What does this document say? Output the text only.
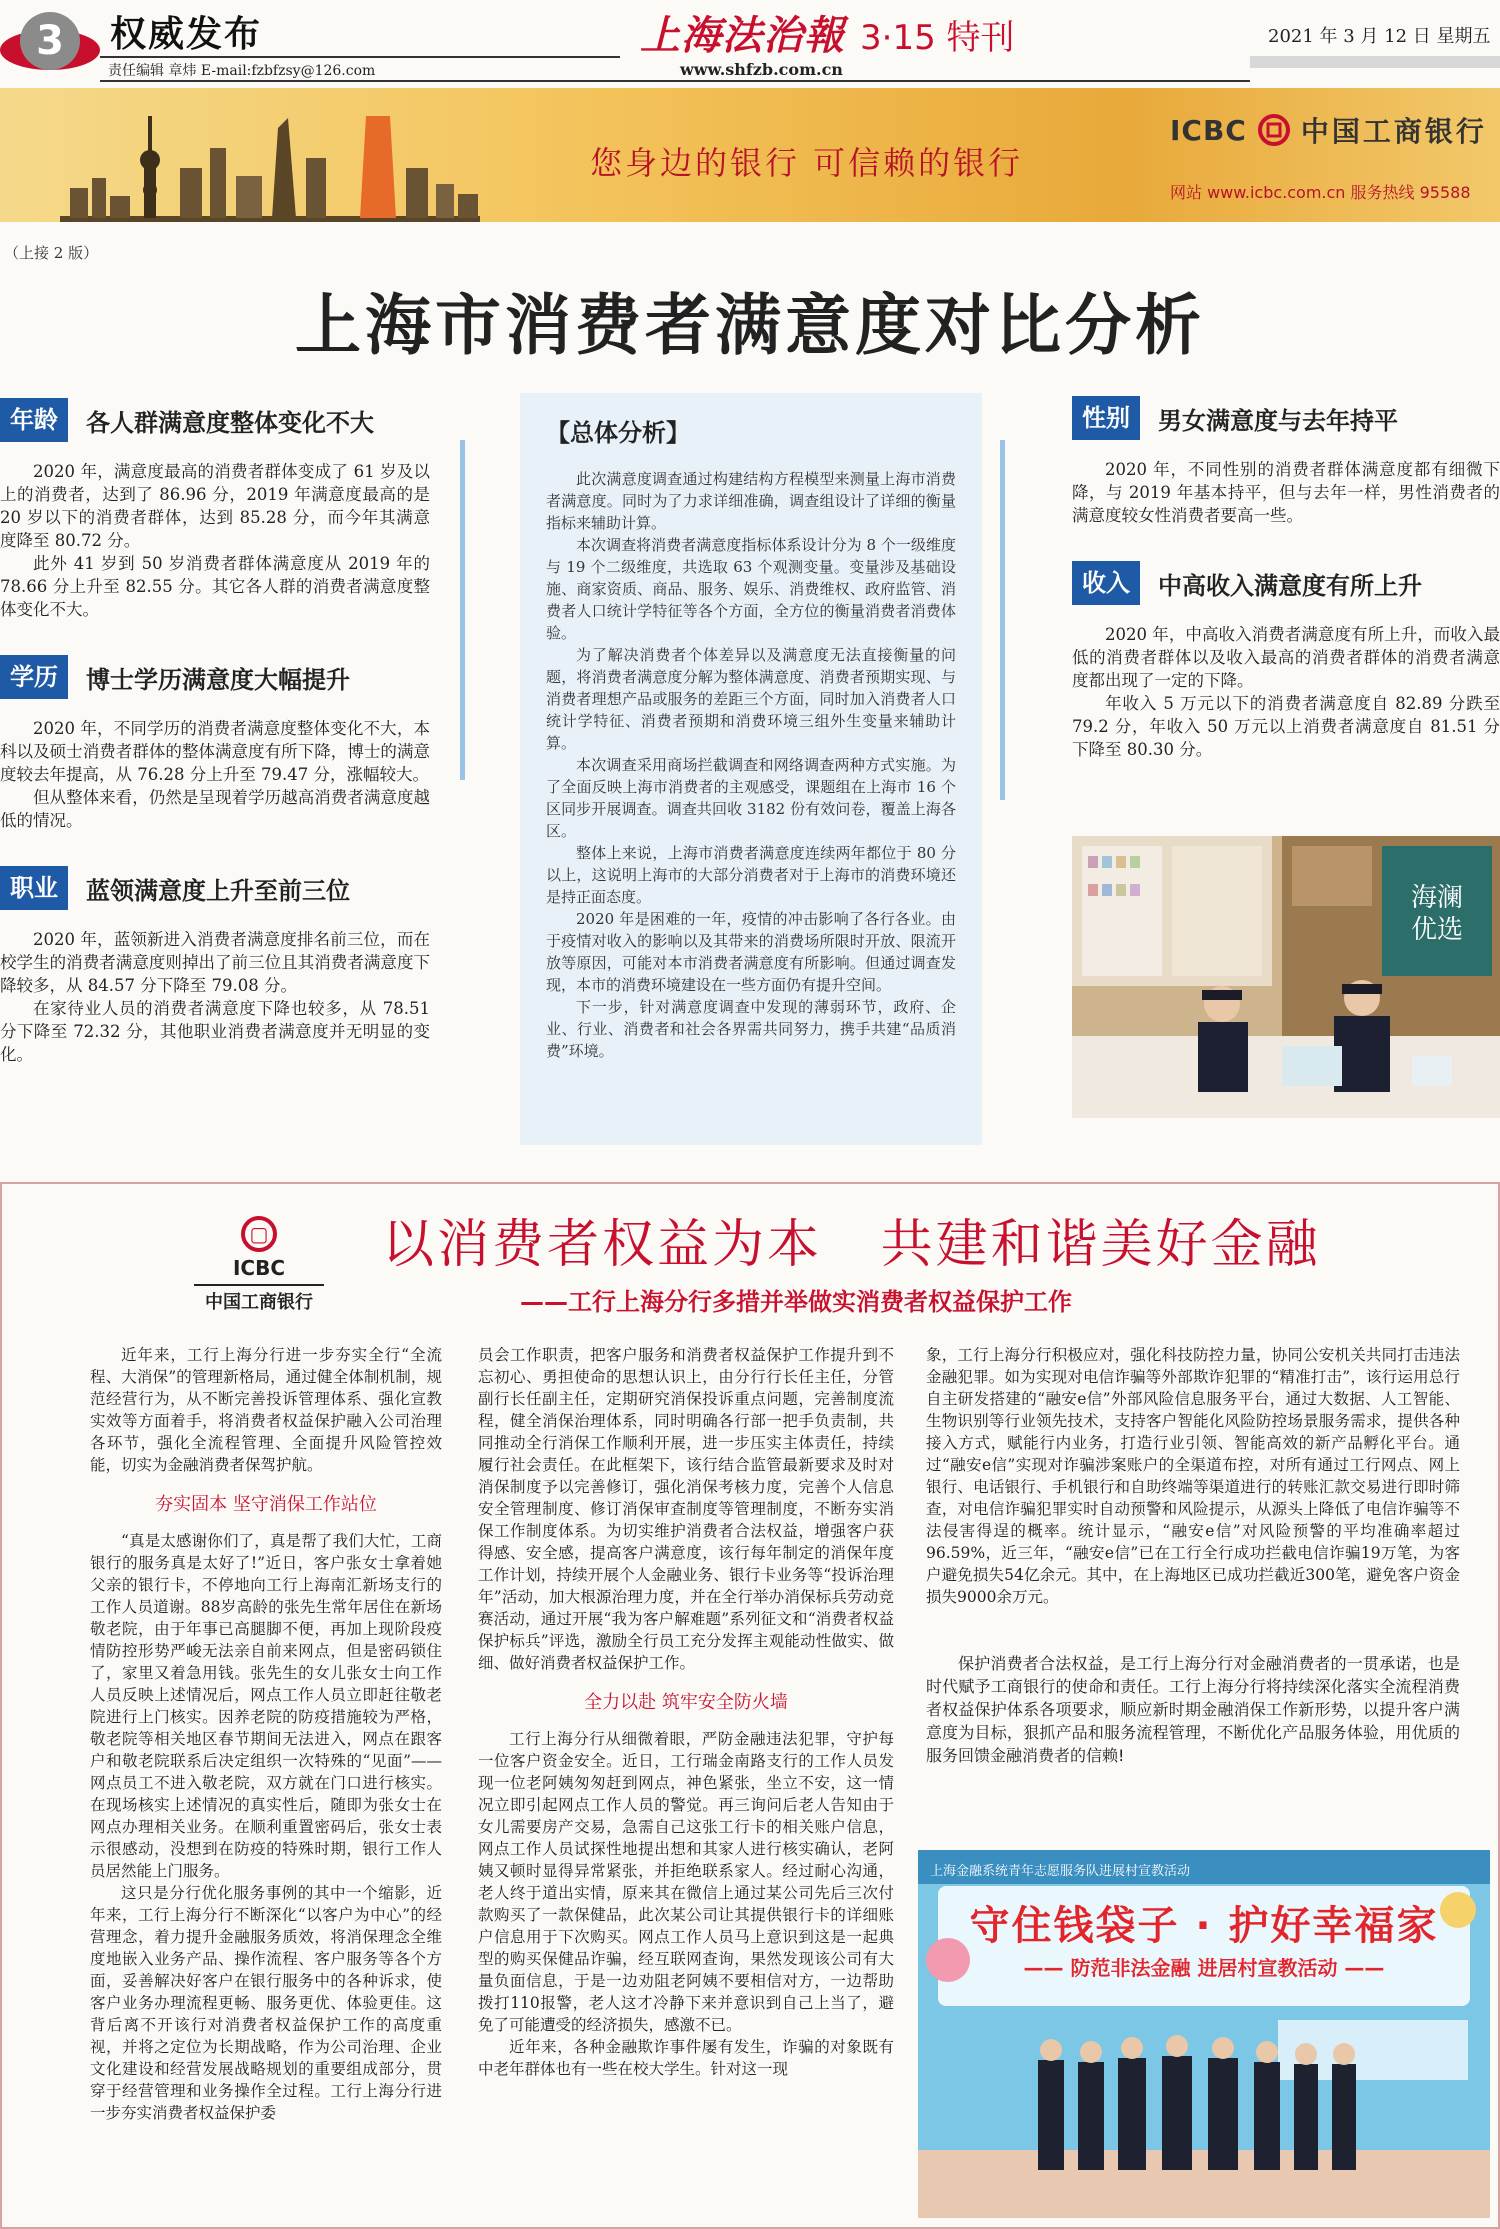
3	权威发布
责任编辑 章炜 E-mail:fzbfzsy@126.com
上海法治報 3·15 特刊
www.shfzb.com.cn
2021 年 3 月 12 日 星期五
您身边的银行 可信赖的银行
ICBC 中国工商银行
网站 www.icbc.com.cn 服务热线 95588
（上接 2 版）
上海市消费者满意度对比分析
年龄	各人群满意度整体变化不大

2020 年，满意度最高的消费者群体变成了 61 岁及以上的消费者，达到了 86.96 分，2019 年满意度最高的是 20 岁以下的消费者群体，达到 85.28 分，而今年其满意度降至 80.72 分。

此外 41 岁到 50 岁消费者群体满意度从 2019 年的 78.66 分上升至 82.55 分。其它各人群的消费者满意度整体变化不大。

学历	博士学历满意度大幅提升

2020 年，不同学历的消费者满意度整体变化不大，本科以及硕士消费者群体的整体满意度有所下降，博士的满意度较去年提高，从 76.28 分上升至 79.47 分，涨幅较大。

但从整体来看，仍然是呈现着学历越高消费者满意度越低的情况。

职业	蓝领满意度上升至前三位

2020 年，蓝领新进入消费者满意度排名前三位，而在校学生的消费者满意度则掉出了前三位且其消费者满意度下降较多，从 84.57 分下降至 79.08 分。

在家待业人员的消费者满意度下降也较多，从 78.51 分下降至 72.32 分，其他职业消费者满意度并无明显的变化。

【总体分析】

此次满意度调查通过构建结构方程模型来测量上海市消费者满意度。同时为了力求详细准确，调查组设计了详细的衡量指标来辅助计算。

本次调查将消费者满意度指标体系设计分为 8 个一级维度与 19 个二级维度，共选取 63 个观测变量。变量涉及基础设施、商家资质、商品、服务、娱乐、消费维权、政府监管、消费者人口统计学特征等各个方面，全方位的衡量消费者消费体验。

为了解决消费者个体差异以及满意度无法直接衡量的问题，将消费者满意度分解为整体满意度、消费者预期实现、与消费者理想产品或服务的差距三个方面，同时加入消费者人口统计学特征、消费者预期和消费环境三组外生变量来辅助计算。

本次调查采用商场拦截调查和网络调查两种方式实施。为了全面反映上海市消费者的主观感受，课题组在上海市 16 个区同步开展调查。调查共回收 3182 份有效问卷，覆盖上海各区。

整体上来说，上海市消费者满意度连续两年都位于 80 分以上，这说明上海市的大部分消费者对于上海市的消费环境还是持正面态度。

2020 年是困难的一年，疫情的冲击影响了各行各业。由于疫情对收入的影响以及其带来的消费场所限时开放、限流开放等原因，可能对本市消费者满意度有所影响。但通过调查发现，本市的消费环境建设在一些方面仍有提升空间。

下一步，针对满意度调查中发现的薄弱环节，政府、企业、行业、消费者和社会各界需共同努力，携手共建“品质消费”环境。

性别	男女满意度与去年持平

2020 年，不同性别的消费者群体满意度都有细微下降，与 2019 年基本持平，但与去年一样，男性消费者的满意度较女性消费者要高一些。

收入	中高收入满意度有所上升

2020 年，中高收入消费者满意度有所上升，而收入最低的消费者群体以及收入最高的消费者群体的消费者满意度都出现了一定的下降。

年收入 5 万元以下的消费者满意度自 82.89 分跌至 79.2 分，年收入 50 万元以上消费者满意度自 81.51 分下降至 80.30 分。

海澜优选
▢
ICBC
中国工商银行
以消费者权益为本   共建和谐美好金融
——工行上海分行多措并举做实消费者权益保护工作

近年来，工行上海分行进一步夯实全行“全流程、大消保”的管理新格局，通过健全体制机制，规范经营行为，从不断完善投诉管理体系、强化宣教实效等方面着手，将消费者权益保护融入公司治理各环节，强化全流程管理、全面提升风险管控效能，切实为金融消费者保驾护航。

夯实固本 坚守消保工作站位

“真是太感谢你们了，真是帮了我们大忙，工商银行的服务真是太好了!”近日，客户张女士拿着她父亲的银行卡，不停地向工行上海南汇新场支行的工作人员道谢。88岁高龄的张先生常年居住在新场敬老院，由于年事已高腿脚不便，再加上现阶段疫情防控形势严峻无法亲自前来网点，但是密码锁住了，家里又着急用钱。张先生的女儿张女士向工作人员反映上述情况后，网点工作人员立即赶往敬老院进行上门核实。因养老院的防疫措施较为严格，敬老院等相关地区春节期间无法进入，网点在跟客户和敬老院联系后决定组织一次特殊的“见面”——网点员工不进入敬老院，双方就在门口进行核实。在现场核实上述情况的真实性后，随即为张女士在网点办理相关业务。在顺利重置密码后，张女士表示很感动，没想到在防疫的特殊时期，银行工作人员居然能上门服务。

这只是分行优化服务事例的其中一个缩影，近年来，工行上海分行不断深化“以客户为中心”的经营理念，着力提升金融服务质效，将消保理念全维度地嵌入业务产品、操作流程、客户服务等各个方面，妥善解决好客户在银行服务中的各种诉求，使客户业务办理流程更畅、服务更优、体验更佳。这背后离不开该行对消费者权益保护工作的高度重视，并将之定位为长期战略，作为公司治理、企业文化建设和经营发展战略规划的重要组成部分，贯穿于经营管理和业务操作全过程。工行上海分行进一步夯实消费者权益保护委

员会工作职责，把客户服务和消费者权益保护工作提升到不忘初心、勇担使命的思想认识上，由分行行长任主任，分管副行长任副主任，定期研究消保投诉重点问题，完善制度流程，健全消保治理体系，同时明确各行部一把手负责制，共同推动全行消保工作顺利开展，进一步压实主体责任，持续履行社会责任。在此框架下，该行结合监管最新要求及时对消保制度予以完善修订，强化消保考核力度，完善个人信息安全管理制度、修订消保审查制度等管理制度，不断夯实消保工作制度体系。为切实维护消费者合法权益，增强客户获得感、安全感，提高客户满意度，该行每年制定的消保年度工作计划，持续开展个人金融业务、银行卡业务等“投诉治理年”活动，加大根源治理力度，并在全行举办消保标兵劳动竞赛活动，通过开展“我为客户解难题”系列征文和“消费者权益保护标兵”评选，激励全行员工充分发挥主观能动性做实、做细、做好消费者权益保护工作。

全力以赴 筑牢安全防火墙

工行上海分行从细微着眼，严防金融违法犯罪，守护每一位客户资金安全。近日，工行瑞金南路支行的工作人员发现一位老阿姨匆匆赶到网点，神色紧张，坐立不安，这一情况立即引起网点工作人员的警觉。再三询问后老人告知由于女儿需要房产交易，急需自己这张工行卡的相关账户信息，网点工作人员试探性地提出想和其家人进行核实确认，老阿姨又顿时显得异常紧张，并拒绝联系家人。经过耐心沟通，老人终于道出实情，原来其在微信上通过某公司先后三次付款购买了一款保健品，此次某公司让其提供银行卡的详细账户信息用于下次购买。网点工作人员马上意识到这是一起典型的购买保健品诈骗，经互联网查询，果然发现该公司有大量负面信息，于是一边劝阻老阿姨不要相信对方，一边帮助拨打110报警，老人这才冷静下来并意识到自己上当了，避免了可能遭受的经济损失，感激不已。

近年来，各种金融欺诈事件屡有发生，诈骗的对象既有中老年群体也有一些在校大学生。针对这一现

象，工行上海分行积极应对，强化科技防控力量，协同公安机关共同打击违法金融犯罪。如为实现对电信诈骗等外部欺诈犯罪的“精准打击”，该行运用总行自主研发搭建的“融安e信”外部风险信息服务平台，通过大数据、人工智能、生物识别等行业领先技术，支持客户智能化风险防控场景服务需求，提供各种接入方式，赋能行内业务，打造行业引领、智能高效的新产品孵化平台。通过“融安e信”实现对诈骗涉案账户的全渠道布控，对所有通过工行网点、网上银行、电话银行、手机银行和自助终端等渠道进行的转账汇款交易进行即时筛查，对电信诈骗犯罪实时自动预警和风险提示，从源头上降低了电信诈骗等不法侵害得逞的概率。统计显示，“融安e信”对风险预警的平均准确率超过96.59%，近三年，“融安e信”已在工行全行成功拦截电信诈骗19万笔，为客户避免损失54亿余元。其中，在上海地区已成功拦截近300笔，避免客户资金损失9000余万元。

保护消费者合法权益，是工行上海分行对金融消费者的一贯承诺，也是时代赋予工商银行的使命和责任。工行上海分行将持续深化落实全流程消费者权益保护体系各项要求，顺应新时期金融消保工作新形势，以提升客户满意度为目标，狠抓产品和服务流程管理，不断优化产品服务体验，用优质的服务回馈金融消费者的信赖!

上海金融系统青年志愿服务队进展村宣教活动
守住钱袋子 · 护好幸福家
—— 防范非法金融 进居村宣教活动 ——
